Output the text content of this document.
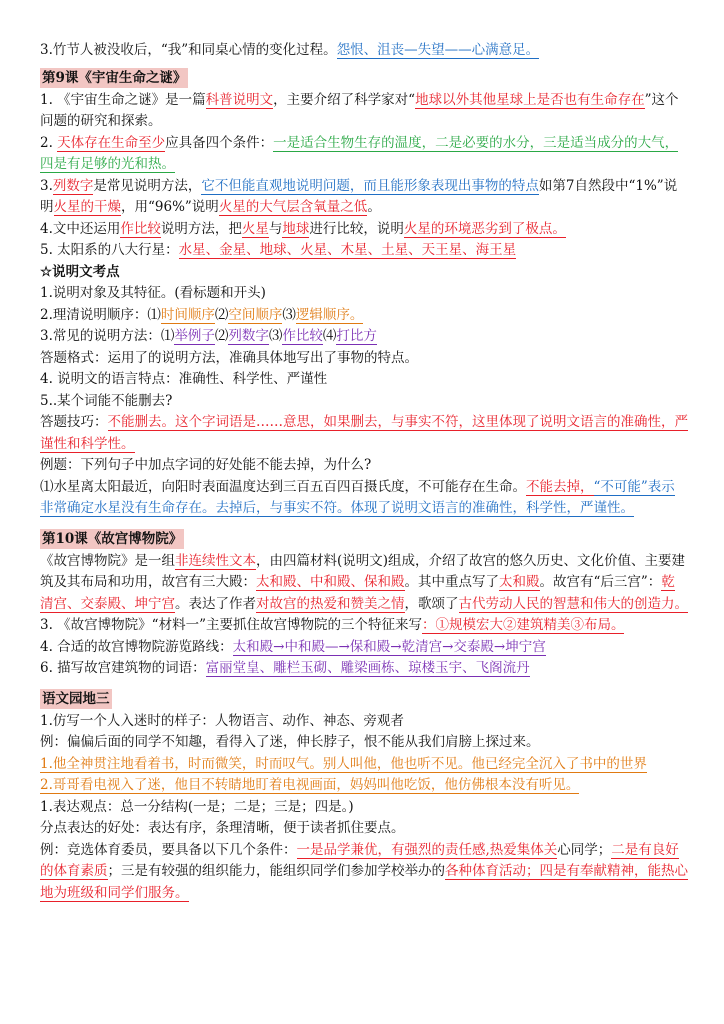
3.竹节人被没收后，“我”和同桌心情的变化过程。怨恨、沮丧—失望——心满意足。

第9课《宇宙生命之谜》

1. 《宇宙生命之谜》是一篇科普说明文，主要介绍了科学家对“地球以外其他星球上是否也有生命存在”这个问题的研究和探索。

2. 天体存在生命至少应具备四个条件：一是适合生物生存的温度，二是必要的水分，三是适当成分的大气，四是有足够的光和热。

3.列数字是常见说明方法，它不但能直观地说明问题，而且能形象表现出事物的特点如第7自然段中“1%”说明火星的干燥，用“96%”说明火星的大气层含氧量之低。

4.文中还运用作比较说明方法，把火星与地球进行比较，说明火星的环境恶劣到了极点。

5. 太阳系的八大行星：水星、金星、地球、火星、木星、土星、天王星、海王星

☆说明文考点

1.说明对象及其特征。(看标题和开头)

2.理清说明顺序：⑴时间顺序⑵空间顺序⑶逻辑顺序。

3.常见的说明方法：⑴举例子⑵列数字⑶作比较⑷打比方

答题格式：运用了的说明方法，准确具体地写出了事物的特点。

4. 说明文的语言特点：准确性、科学性、严谨性

5..某个词能不能删去?

答题技巧：不能删去。这个字词语是……意思，如果删去，与事实不符，这里体现了说明文语言的准确性，严谨性和科学性。

例题：下列句子中加点字词的好处能不能去掉，为什么?

⑴水星离太阳最近，向阳时表面温度达到三百五百四百摄氏度，不可能存在生命。不能去掉，“不可能”表示非常确定水星没有生命存在。去掉后，与事实不符。体现了说明文语言的准确性，科学性，严谨性。

第10课《故宫博物院》

《故宫博物院》是一组非连续性文本，由四篇材料(说明文)组成，介绍了故宫的悠久历史、文化价值、主要建筑及其布局和功用，故宫有三大殿：太和殿、中和殿、保和殿。其中重点写了太和殿。故宫有“后三宫”：乾清宫、交泰殿、坤宁宫。表达了作者对故宫的热爱和赞美之情，歌颂了古代劳动人民的智慧和伟大的创造力。

3. 《故宫博物院》“材料一”主要抓住故宫博物院的三个特征来写：①规模宏大②建筑精美③布局。

4. 合适的故宫博物院游览路线：太和殿→中和殿—→保和殿→乾清宫→交泰殿→坤宁宫

6. 描写故宫建筑物的词语：富丽堂皇、雕栏玉砌、雕梁画栋、琼楼玉宇、飞阁流丹

语文园地三

1.仿写一个人入迷时的样子：人物语言、动作、神态、旁观者

例：偏偏后面的同学不知趣，看得入了迷，伸长脖子，恨不能从我们肩膀上探过来。

1.他全神贯注地看着书，时而微笑，时而叹气。别人叫他，他也听不见。他已经完全沉入了书中的世界

2.哥哥看电视入了迷，他目不转睛地盯着电视画面，妈妈叫他吃饭，他仿佛根本没有听见。

1.表达观点：总一分结构(一是；二是；三是；四是。)

分点表达的好处：表达有序，条理清晰，便于读者抓住要点。

例：竞选体育委员，要具备以下几个条件：一是品学兼优，有强烈的责任感,热爱集体关心同学；二是有良好的体育素质；三是有较强的组织能力，能组织同学们参加学校举办的各种体育活动；四是有奉献精神，能热心地为班级和同学们服务。
